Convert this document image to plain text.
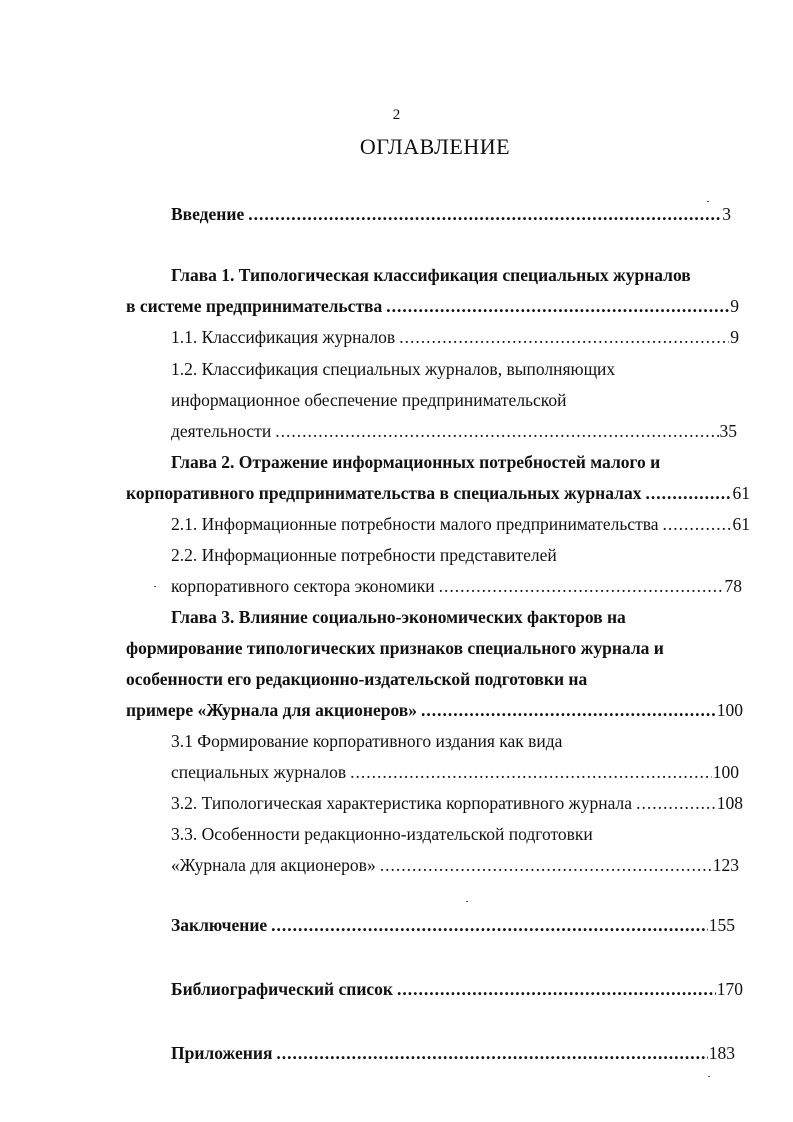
2
ОГЛАВЛЕНИЕ
Введение .....	3
Глава 1. Типологическая классификация специальных журналов
в системе предпринимательства .....	9
1.1. Классификация журналов .....	9
1.2. Классификация специальных журналов, выполняющих
информационное обеспечение предпринимательской
деятельности .....	35
Глава 2. Отражение информационных потребностей малого и
корпоративного предпринимательства в специальных журналах .....	61
2.1. Информационные потребности малого предпринимательства .....	61
2.2. Информационные потребности представителей
корпоративного сектора экономики .....	78
Глава 3. Влияние социально-экономических факторов на
формирование типологических признаков специального журнала и
особенности его редакционно-издательской подготовки на
примере «Журнала для акционеров» .....	100
3.1 Формирование корпоративного издания как вида
специальных журналов .....	100
3.2. Типологическая характеристика корпоративного журнала .....	108
3.3. Особенности редакционно-издательской подготовки
«Журнала для акционеров» .....	123
Заключение .....	155
Библиографический список .....	170
Приложения .....	183
